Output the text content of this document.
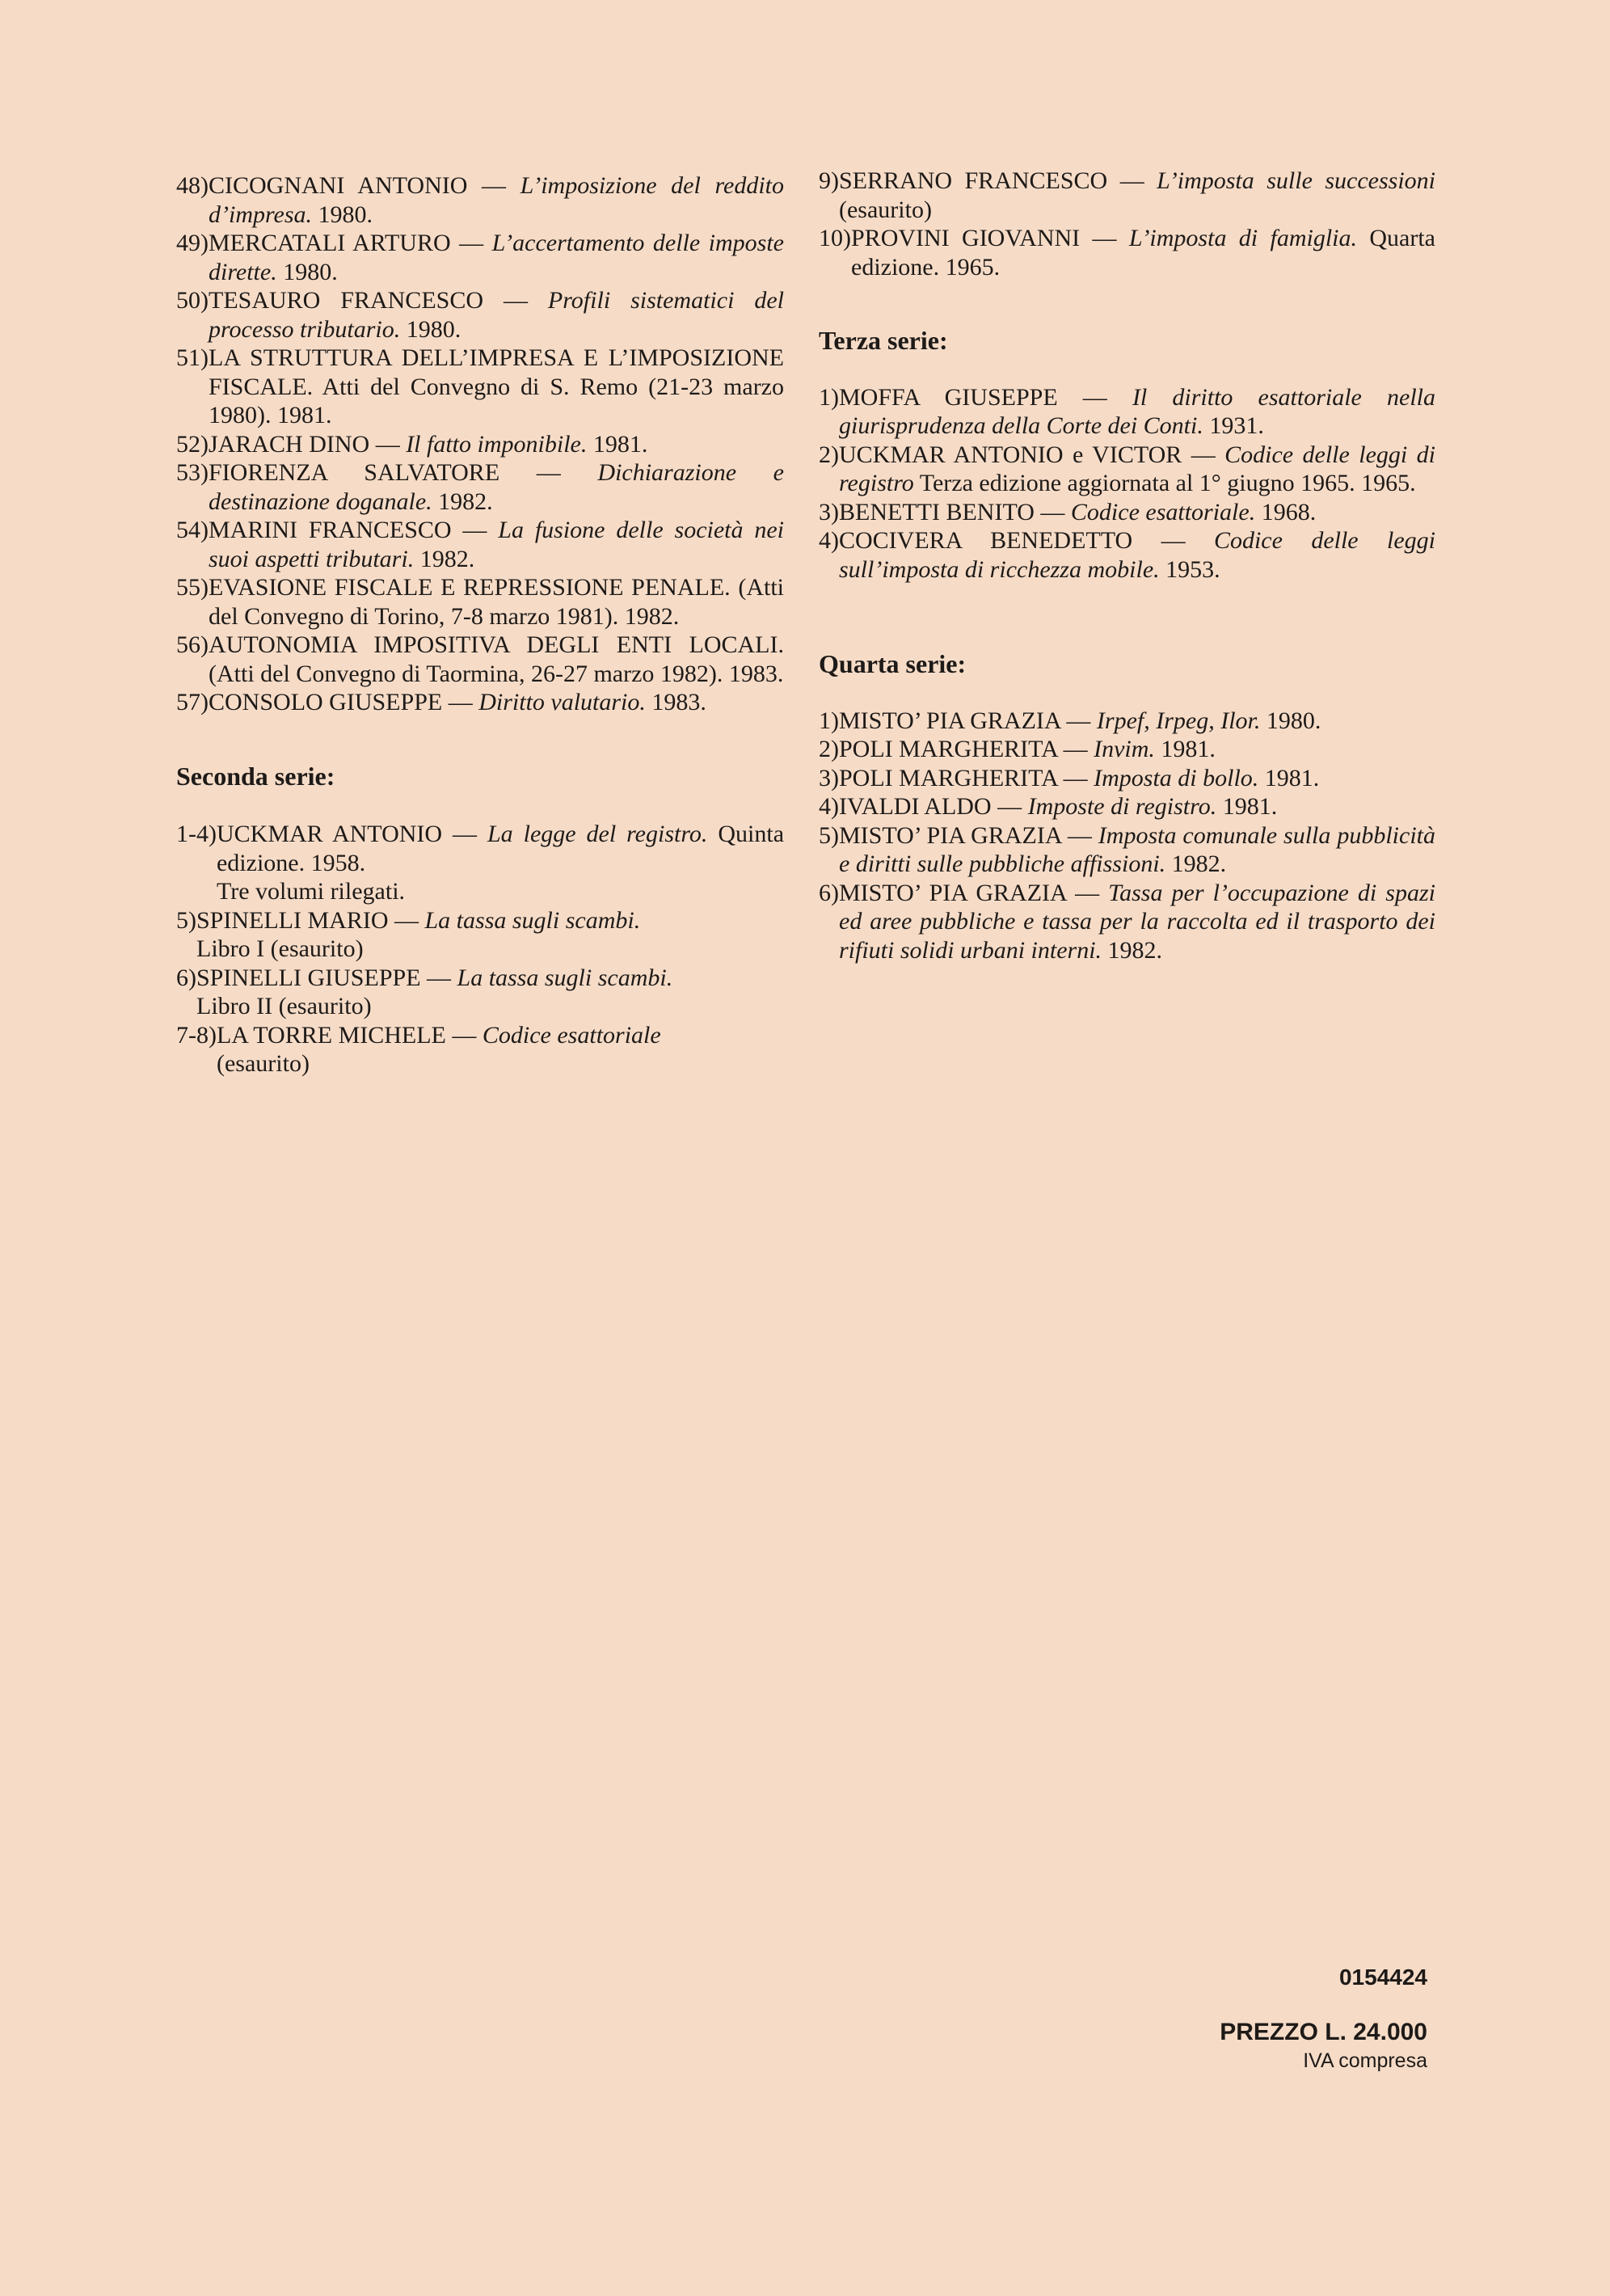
48) CICOGNANI ANTONIO — L’imposizione del reddito d’impresa. 1980.
49) MERCATALI ARTURO — L’accertamento delle imposte dirette. 1980.
50) TESAURO FRANCESCO — Profili sistematici del processo tributario. 1980.
51) LA STRUTTURA DELL’IMPRESA E L’IMPOSIZIONE FISCALE. Atti del Convegno di S. Remo (21-23 marzo 1980). 1981.
52) JARACH DINO — Il fatto imponibile. 1981.
53) FIORENZA SALVATORE — Dichiarazione e destinazione doganale. 1982.
54) MARINI FRANCESCO — La fusione delle società nei suoi aspetti tributari. 1982.
55) EVASIONE FISCALE E REPRESSIONE PENALE. (Atti del Convegno di Torino, 7-8 marzo 1981). 1982.
56) AUTONOMIA IMPOSITIVA DEGLI ENTI LOCALI. (Atti del Convegno di Taormina, 26-27 marzo 1982). 1983.
57) CONSOLO GIUSEPPE — Diritto valutario. 1983.
Seconda serie:
1-4) UCKMAR ANTONIO — La legge del registro. Quinta edizione. 1958.
Tre volumi rilegati.
5) SPINELLI MARIO — La tassa sugli scambi.
Libro I (esaurito)
6) SPINELLI GIUSEPPE — La tassa sugli scambi.
Libro II (esaurito)
7-8) LA TORRE MICHELE — Codice esattoriale
(esaurito)
9) SERRANO FRANCESCO — L’imposta sulle successioni (esaurito)
10) PROVINI GIOVANNI — L’imposta di famiglia. Quarta edizione. 1965.
Terza serie:
1) MOFFA GIUSEPPE — Il diritto esattoriale nella giurisprudenza della Corte dei Conti. 1931.
2) UCKMAR ANTONIO e VICTOR — Codice delle leggi di registro Terza edizione aggiornata al 1° giugno 1965. 1965.
3) BENETTI BENITO — Codice esattoriale. 1968.
4) COCIVERA BENEDETTO — Codice delle leggi sull’imposta di ricchezza mobile. 1953.
Quarta serie:
1) MISTO’ PIA GRAZIA — Irpef, Irpeg, Ilor. 1980.
2) POLI MARGHERITA — Invim. 1981.
3) POLI MARGHERITA — Imposta di bollo. 1981.
4) IVALDI ALDO — Imposte di registro. 1981.
5) MISTO’ PIA GRAZIA — Imposta comunale sulla pubblicità e diritti sulle pubbliche affissioni. 1982.
6) MISTO’ PIA GRAZIA — Tassa per l’occupazione di spazi ed aree pubbliche e tassa per la raccolta ed il trasporto dei rifiuti solidi urbani interni. 1982.
0154424
PREZZO L. 24.000
IVA compresa
